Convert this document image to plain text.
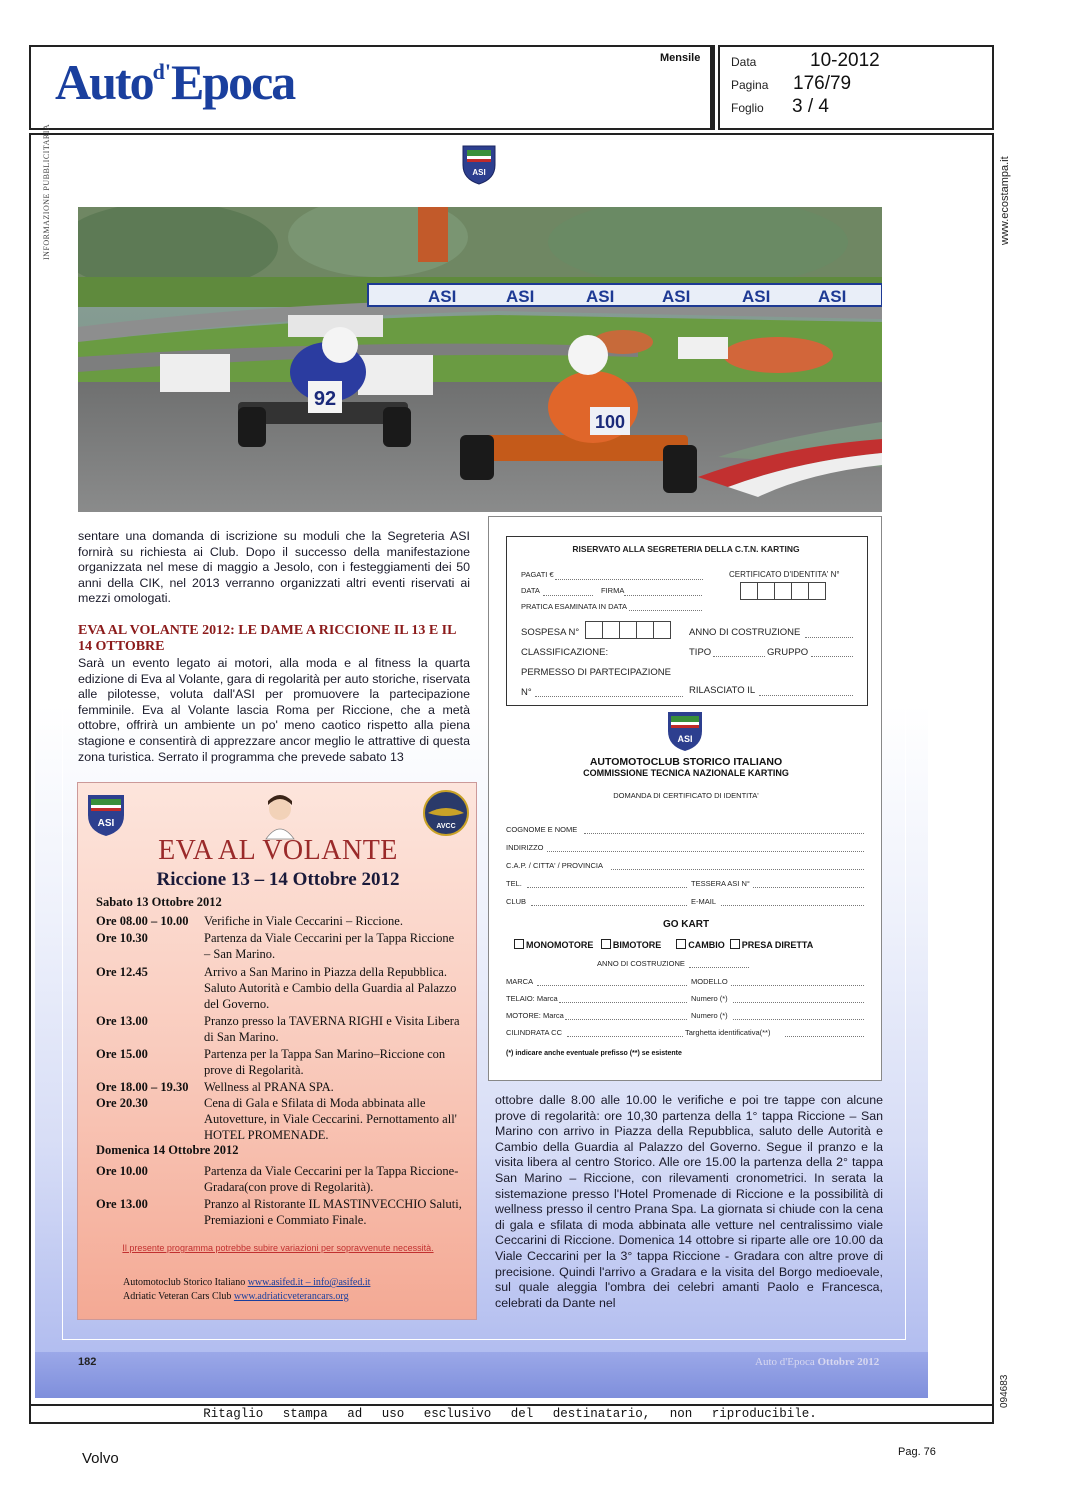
Auto$^{d'}$Epoca	Mensile	Data	10-2012
Pagina 176/79
Foglio 3 / 4
INFORMAZIONE PUBBLICITARIA	www.ecostampa.it
094683
ASI
ASI	ASI	ASI	ASI	ASI	ASI
92
100
sentare una domanda di iscrizione su moduli che la Segreteria ASI fornirà su richiesta ai Club. Dopo il successo della manifestazione organizzata nel mese di maggio a Jesolo, con i festeggiamenti dei 50 anni della CIK, nel 2013 verranno organizzati altri eventi riservati ai mezzi omologati.
EVA AL VOLANTE 2012: LE DAME A RICCIONE IL 13 E IL 14 OTTOBRE
Sarà un evento legato ai motori, alla moda e al fitness la quarta edizione di Eva al Volante, gara di regolarità per auto storiche, riservata alle pilotesse, voluta dall'ASI per promuovere la partecipazione femminile. Eva al Volante lascia Roma per Riccione, che a metà ottobre, offrirà un ambiente un po' meno caotico rispetto alla piena stagione e consentirà di apprezzare ancor meglio le attrattive di questa zona turistica. Serrato il programma che prevede sabato 13
ASI	AVCC
EVA AL VOLANTE
Riccione 13 – 14 Ottobre 2012
Sabato 13 Ottobre 2012
Ore 08.00 – 10.00	Verifiche in Viale Ceccarini – Riccione.
Ore 10.30	Partenza da Viale Ceccarini per la Tappa Riccione – San Marino.
Ore 12.45	Arrivo a San Marino in Piazza della Repubblica. Saluto Autorità e Cambio della Guardia al Palazzo del Governo.
Ore 13.00	Pranzo presso la TAVERNA RIGHI e Visita Libera di San Marino.
Ore 15.00	Partenza per la Tappa San Marino–Riccione con prove di Regolarità.
Ore 18.00 – 19.30	Wellness al PRANA SPA.
Ore 20.30	Cena di Gala e Sfilata di Moda abbinata alle Autovetture, in Viale Ceccarini. Pernottamento all' HOTEL PROMENADE.
Domenica 14 Ottobre 2012
Ore 10.00	Partenza da Viale Ceccarini per la Tappa Riccione-Gradara(con prove di Regolarità).
Ore 13.00	Pranzo al Ristorante IL MASTINVECCHIO Saluti, Premiazioni e Commiato Finale.
Il presente programma potrebbe subire variazioni per sopravvenute necessità.
Automotoclub Storico Italiano www.asifed.it – info@asifed.it
Adriatic Veteran Cars Club www.adriaticveterancars.org
RISERVATO ALLA SEGRETERIA DELLA C.T.N. KARTING
PAGATI €
DATA	FIRMA
PRATICA ESAMINATA IN DATA
CERTIFICATO D'IDENTITA' N°
SOSPESA N°	ANNO DI COSTRUZIONE
CLASSIFICAZIONE:	TIPO	GRUPPO
PERMESSO DI PARTECIPAZIONE
N°	RILASCIATO IL
ASI
AUTOMOTOCLUB STORICO ITALIANO
COMMISSIONE TECNICA NAZIONALE KARTING
DOMANDA DI CERTIFICATO DI IDENTITA'
COGNOME E NOME
INDIRIZZO
C.A.P. / CITTA' / PROVINCIA
TEL.	TESSERA ASI N°
CLUB	E-MAIL
GO KART
MONOMOTORE BIMOTORE	CAMBIO PRESA DIRETTA
ANNO DI COSTRUZIONE
MARCA	MODELLO
TELAIO: Marca	Numero (*)
MOTORE: Marca	Numero (*)
CILINDRATA CC	Targhetta identificativa(**)
(*) indicare anche eventuale prefisso (**) se esistente
ottobre dalle 8.00 alle 10.00 le verifiche e poi tre tappe con alcune prove di regolarità: ore 10,30 partenza della 1° tappa Riccione – San Marino con arrivo in Piazza della Repubblica, saluto delle Autorità e Cambio della Guardia al Palazzo del Governo. Segue il pranzo e la visita libera al centro Storico. Alle ore 15.00 la partenza della 2° tappa San Marino – Riccione, con rilevamenti cronometrici. In serata la sistemazione presso l'Hotel Promenade di Riccione e la possibilità di wellness presso il centro Prana Spa. La giornata si chiude con la cena di gala e sfilata di moda abbinata alle vetture nel centralissimo viale Ceccarini di Riccione. Domenica 14 ottobre si riparte alle ore 10.00 da Viale Ceccarini per la 3° tappa Riccione - Gradara con altre prove di precisione. Quindi l'arrivo a Gradara e la visita del Borgo medioevale, sul quale aleggia l'ombra dei celebri amanti Paolo e Francesca, celebrati da Dante nel
182	Auto d'Epoca Ottobre 2012
Ritaglio stampa ad uso esclusivo del destinatario, non riproducibile.
Volvo	Pag. 76
